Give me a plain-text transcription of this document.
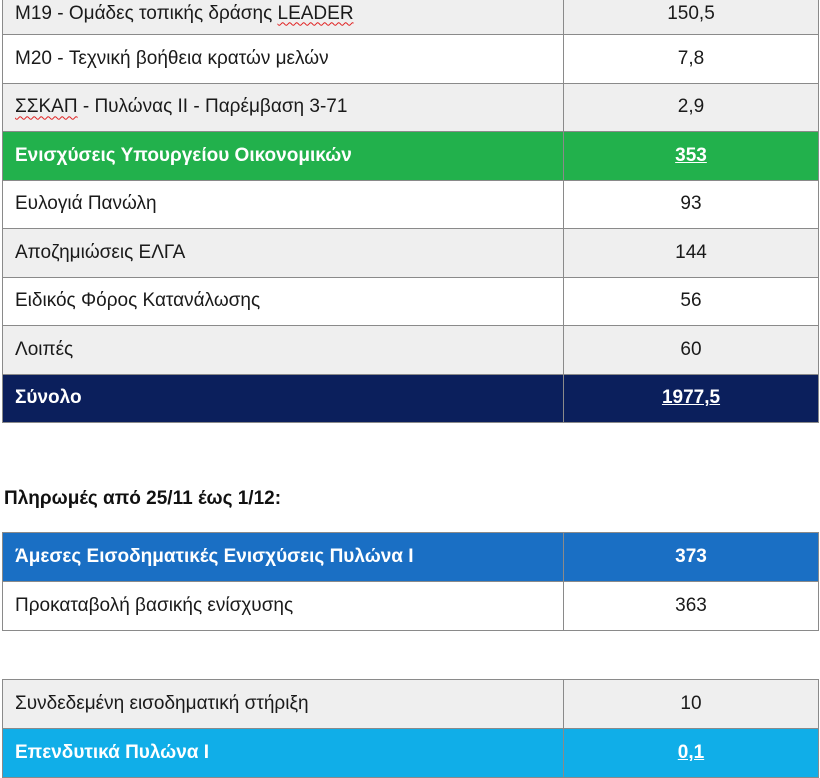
M19 - Ομάδες τοπικής δράσης LEADER	150,5
M20 - Τεχνική βοήθεια κρατών μελών	7,8
ΣΣΚΑΠ - Πυλώνας ΙΙ - Παρέμβαση 3-71	2,9
Ενισχύσεις Υπουργείου Οικονομικών	353
Ευλογιά Πανώλη	93
Αποζημιώσεις ΕΛΓΑ	144
Ειδικός Φόρος Κατανάλωσης	56
Λοιπές	60
Σύνολο	1977,5
Πληρωμές από 25/11 έως 1/12:
Άμεσες Εισοδηματικές Ενισχύσεις Πυλώνα Ι	373
Προκαταβολή βασικής ενίσχυσης	363

Συνδεδεμένη εισοδηματική στήριξη	10
Επενδυτικά Πυλώνα Ι	0,1
